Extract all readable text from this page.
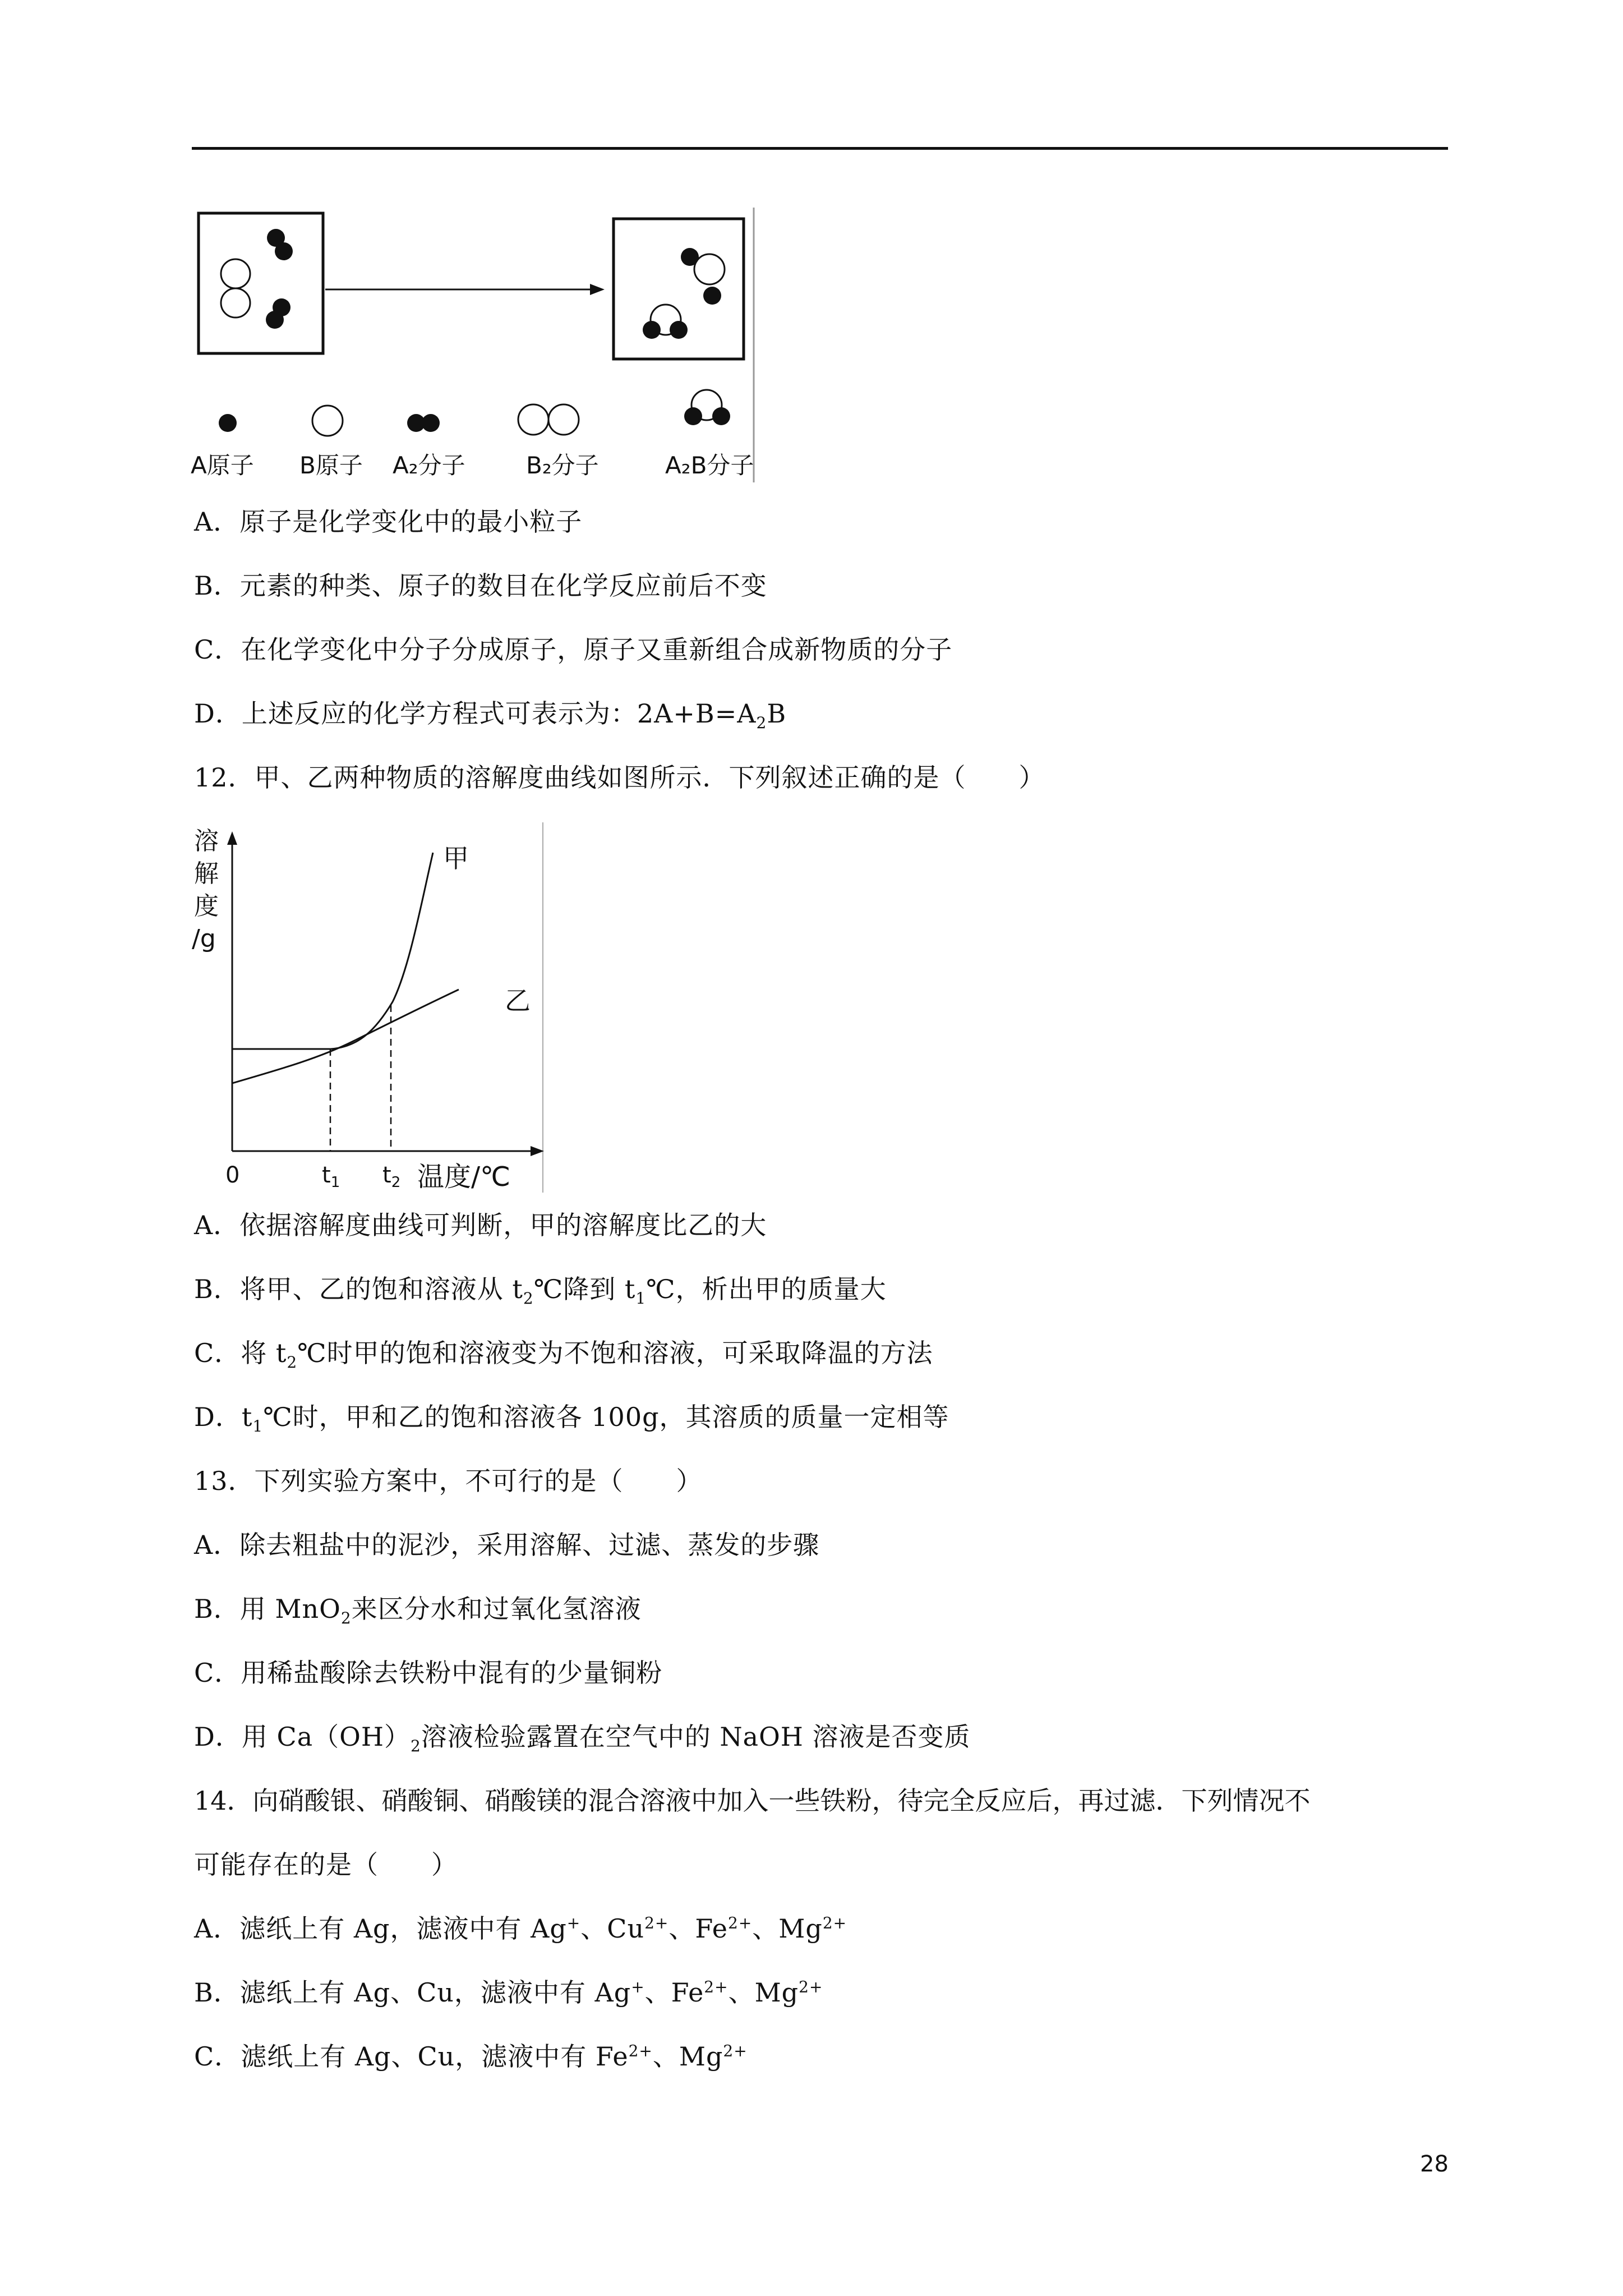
A原子 B原子 A₂分子	B₂分子	A₂B分子
A．原子是化学变化中的最小粒子
B．元素的种类、原子的数目在化学反应前后不变
C．在化学变化中分子分成原子，原子又重新组合成新物质的分子
D．上述反应的化学方程式可表示为：$2A+B=A_2B$
12．甲、乙两种物质的溶解度曲线如图所示．下列叙述正确的是（　　）
溶
解
度
/g
甲
乙
0	$t_1$ $t_2$ 温度/℃
A．依据溶解度曲线可判断，甲的溶解度比乙的大
B．将甲、乙的饱和溶液从 $t_2℃$降到 $t_1℃$，析出甲的质量大
C．将 $t_2℃$时甲的饱和溶液变为不饱和溶液，可采取降温的方法
D．$t_1℃$时，甲和乙的饱和溶液各 100g，其溶质的质量一定相等
13．下列实验方案中，不可行的是（　　）
A．除去粗盐中的泥沙，采用溶解、过滤、蒸发的步骤
B．用 MnO$_2$来区分水和过氧化氢溶液
C．用稀盐酸除去铁粉中混有的少量铜粉
D．用 $Ca(OH)_2$溶液检验露置在空气中的 NaOH 溶液是否变质
14．向硝酸银、硝酸铜、硝酸镁的混合溶液中加入一些铁粉，待完全反应后，再过滤．下列情况不
可能存在的是（　　）
A．滤纸上有 Ag，滤液中有 Ag+、$Cu^{2+}$、$Fe^{2+}$、$Mg^{2+}$
B．滤纸上有 Ag、Cu，滤液中有 Ag+、$Fe^{2+}$、$Mg^{2+}$
C．滤纸上有 Ag、Cu，滤液中有 $Fe^{2+}$、$Mg^{2+}$
28
